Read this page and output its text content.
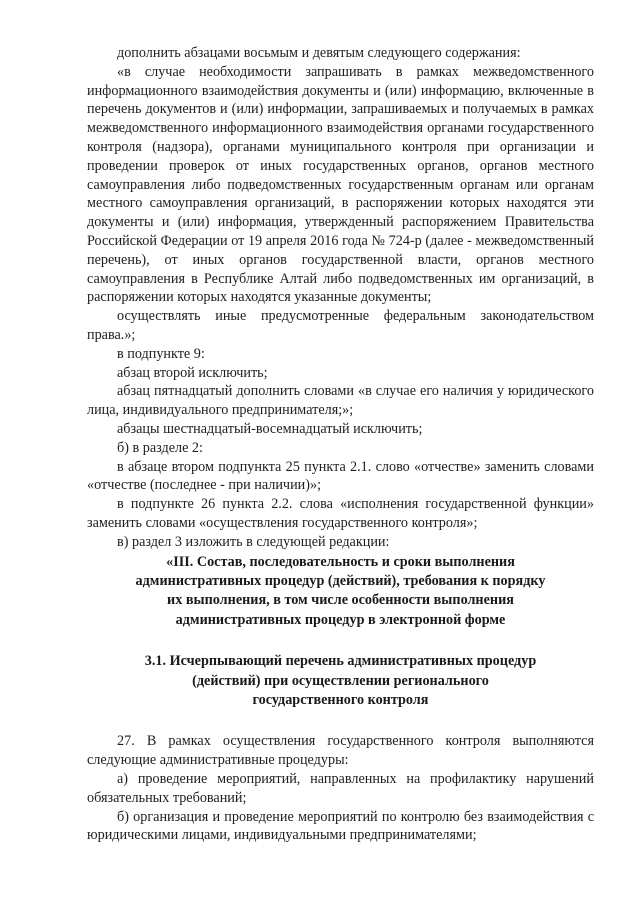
дополнить абзацами восьмым и девятым следующего содержания:

«в случае необходимости запрашивать в рамках межведомственного информационного взаимодействия документы и (или) информацию, включенные в перечень документов и (или) информации, запрашиваемых и получаемых в рамках межведомственного информационного взаимодействия органами государственного контроля (надзора), органами муниципального контроля при организации и проведении проверок от иных государственных органов, органов местного самоуправления либо подведомственных государственным органам или органам местного самоуправления организаций, в распоряжении которых находятся эти документы и (или) информация, утвержденный распоряжением Правительства Российской Федерации от 19 апреля 2016 года № 724-р (далее - межведомственный перечень), от иных органов государственной власти, органов местного самоуправления в Республике Алтай либо подведомственных им организаций, в распоряжении которых находятся указанные документы;

осуществлять иные предусмотренные федеральным законодательством права.»;

в подпункте 9:

абзац второй исключить;

абзац пятнадцатый дополнить словами «в случае его наличия у юридического лица, индивидуального предпринимателя;»;

абзацы шестнадцатый-восемнадцатый исключить;

б) в разделе 2:

в абзаце втором подпункта 25 пункта 2.1. слово «отчестве» заменить словами «отчестве (последнее - при наличии)»;

в подпункте 26 пункта 2.2. слова «исполнения государственной функции» заменить словами «осуществления государственного контроля»;

в) раздел 3 изложить в следующей редакции:

«III. Состав, последовательность и сроки выполнения
административных процедур (действий), требования к порядку
их выполнения, в том числе особенности выполнения
административных процедур в электронной форме
3.1. Исчерпывающий перечень административных процедур
(действий) при осуществлении регионального
государственного контроля

27. В рамках осуществления государственного контроля выполняются следующие административные процедуры:

а) проведение мероприятий, направленных на профилактику нарушений обязательных требований;

б) организация и проведение мероприятий по контролю без взаимодействия с юридическими лицами, индивидуальными предпринимателями;
